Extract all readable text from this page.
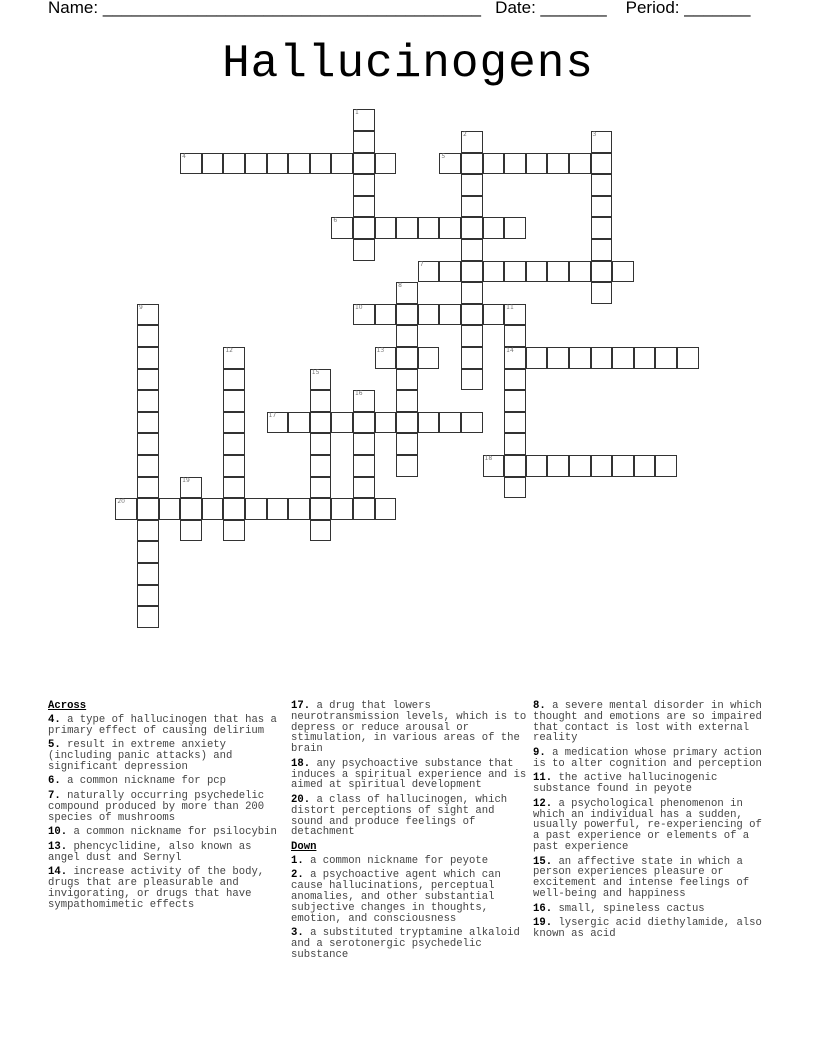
Name: ________________________________________ Date: _______ Period: _______
Hallucinogens
1
2	3
4	5
6
7
8
9	10	11
14
12	13
15
16
17
18
19
20
Across
4. a type of hallucinogen that has a primary effect of causing delirium
5. result in extreme anxiety (including panic attacks) and significant depression
6. a common nickname for pcp
7. naturally occurring psychedelic compound produced by more than 200 species of mushrooms
10. a common nickname for psilocybin
13. phencyclidine, also known as angel dust and Sernyl
14. increase activity of the body, drugs that are pleasurable and invigorating, or drugs that have sympathomimetic effects
17. a drug that lowers neurotransmission levels, which is to depress or reduce arousal or stimulation, in various areas of the brain
18. any psychoactive substance that induces a spiritual experience and is aimed at spiritual development
20. a class of hallucinogen, which distort perceptions of sight and sound and produce feelings of detachment
Down
1. a common nickname for peyote
2. a psychoactive agent which can cause hallucinations, perceptual anomalies, and other substantial subjective changes in thoughts, emotion, and consciousness
3. a substituted tryptamine alkaloid and a serotonergic psychedelic substance
8. a severe mental disorder in which thought and emotions are so impaired that contact is lost with external reality
9. a medication whose primary action is to alter cognition and perception
11. the active hallucinogenic substance found in peyote
12. a psychological phenomenon in which an individual has a sudden, usually powerful, re-experiencing of a past experience or elements of a past experience
15. an affective state in which a person experiences pleasure or excitement and intense feelings of well-being and happiness
16. small, spineless cactus
19. lysergic acid diethylamide, also known as acid
